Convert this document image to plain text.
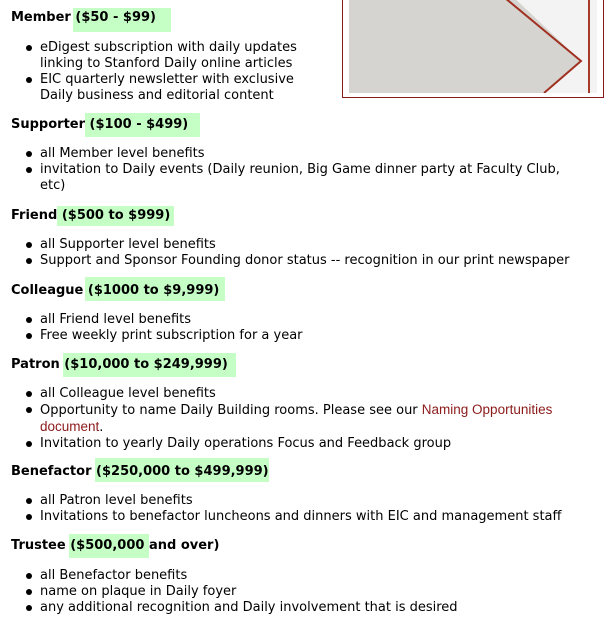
Member ($50 - $99)
eDigest subscription with daily updates linking to Stanford Daily online articles
EIC quarterly newsletter with exclusive Daily business and editorial content
Supporter ($100 - $499)
all Member level benefits
invitation to Daily events (Daily reunion, Big Game dinner party at Faculty Club, etc)
Friend ($500 to $999)
all Supporter level benefits
Support and Sponsor Founding donor status -- recognition in our print newspaper
Colleague ($1000 to $9,999)
all Friend level benefits
Free weekly print subscription for a year
Patron ($10,000 to $249,999)
all Colleague level benefits
Opportunity to name Daily Building rooms. Please see our Naming Opportunities document.
Invitation to yearly Daily operations Focus and Feedback group
Benefactor ($250,000 to $499,999)
all Patron level benefits
Invitations to benefactor luncheons and dinners with EIC and management staff
Trustee ($500,000 and over)
all Benefactor benefits
name on plaque in Daily foyer
any additional recognition and Daily involvement that is desired
